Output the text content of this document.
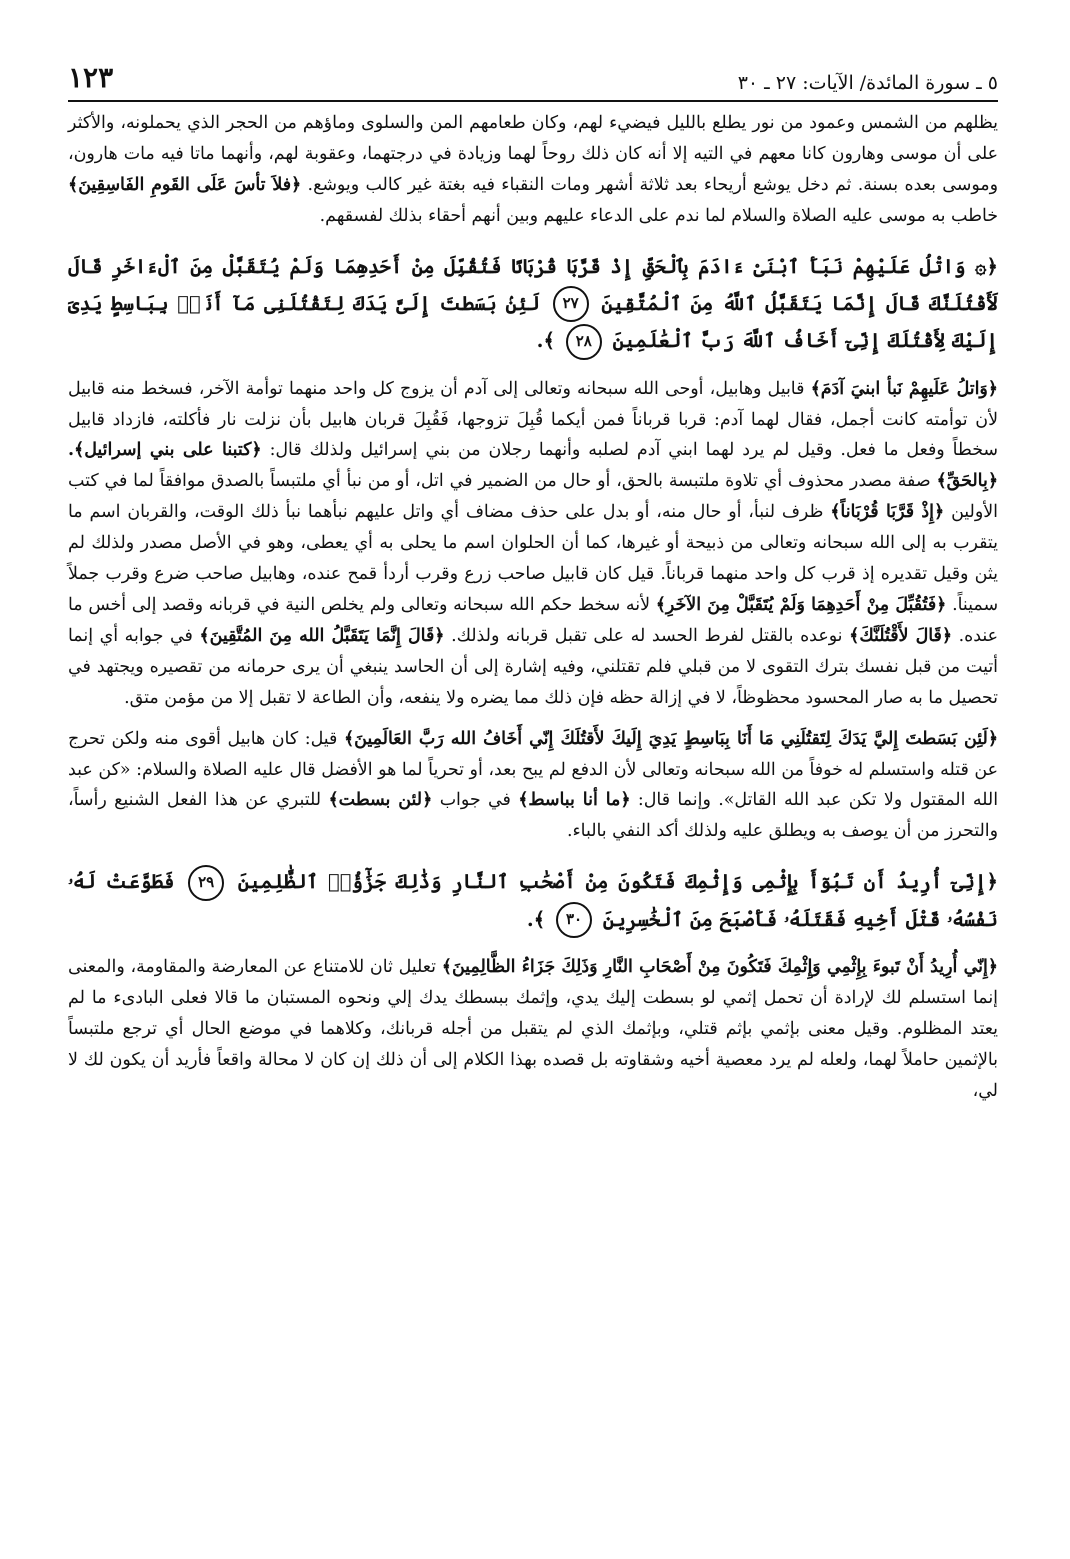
٥ ـ سورة المائدة/ الآيات: ٢٧ ـ ٣٠
١٢٣

يظلهم من الشمس وعمود من نور يطلع بالليل فيضيء لهم، وكان طعامهم المن والسلوى وماؤهم من الحجر الذي يحملونه، والأكثر على أن موسى وهارون كانا معهم في التيه إلا أنه كان ذلك روحاً لهما وزيادة في درجتهما، وعقوبة لهم، وأنهما ماتا فيه مات هارون، وموسى بعده بسنة. ثم دخل يوشع أريحاء بعد ثلاثة أشهر ومات النقباء فيه بغتة غير كالب ويوشع. ﴿فلاَ تأسَ عَلَى القَومِ الفَاسِقِينَ﴾ خاطب به موسى عليه الصلاة والسلام لما ندم على الدعاء عليهم وبين أنهم أحقاء بذلك لفسقهم.

﴿۞ وَاتْلُ عَلَيْهِمْ نَبَأَ ٱبْنَىْ ءَادَمَ بِٱلْحَقِّ إِذْ قَرَّبَا قُرْبَانًا فَتُقُبِّلَ مِنْ أَحَدِهِمَا وَلَمْ يُتَقَبَّلْ مِنَ ٱلْءَاخَرِ قَالَ لَأَقْتُلَنَّكَ قَالَ إِنَّمَا يَتَقَبَّلُ ٱللَّهُ مِنَ ٱلْمُتَّقِينَ ٢٧ لَئِنۢ بَسَطتَ إِلَىَّ يَدَكَ لِتَقْتُلَنِى مَآ أَنَا۠ بِبَاسِطٍ يَدِىَ إِلَيْكَ لِأَقْتُلَكَ إِنِّىٓ أَخَافُ ٱللَّهَ رَبَّ ٱلْعَٰلَمِينَ ٢٨ ﴾.

﴿وَاتلُ عَلَيهِمْ نَبأ ابنيَ آدَمَ﴾ قابيل وهابيل، أوحى الله سبحانه وتعالى إلى آدم أن يزوج كل واحد منهما توأمة الآخر، فسخط منه قابيل لأن توأمته كانت أجمل، فقال لهما آدم: قربا قرباناً فمن أيكما قُبِلَ تزوجها، فَقُبِلَ قربان هابيل بأن نزلت نار فأكلته، فازداد قابيل سخطاً وفعل ما فعل. وقيل لم يرد لهما ابني آدم لصلبه وأنهما رجلان من بني إسرائيل ولذلك قال: ﴿كتبنا على بني إسرائيل﴾. ﴿بِالحَقِّ﴾ صفة مصدر محذوف أي تلاوة ملتبسة بالحق، أو حال من الضمير في اتل، أو من نبأ أي ملتبساً بالصدق موافقاً لما في كتب الأولين ﴿إِذْ قَرَّبَا قُرْبَاناً﴾ ظرف لنبأ، أو حال منه، أو بدل على حذف مضاف أي واتل عليهم نبأهما نبأ ذلك الوقت، والقربان اسم ما يتقرب به إلى الله سبحانه وتعالى من ذبيحة أو غيرها، كما أن الحلوان اسم ما يحلى به أي يعطى، وهو في الأصل مصدر ولذلك لم يثن وقيل تقديره إذ قرب كل واحد منهما قرباناً. قيل كان قابيل صاحب زرع وقرب أردأ قمح عنده، وهابيل صاحب ضرع وقرب جملاً سميناً. ﴿فَتُقُبِّلَ مِنْ أَحَدِهِمَا وَلَمْ يُتَقَبَّلْ مِنَ الآخَرِ﴾ لأنه سخط حكم الله سبحانه وتعالى ولم يخلص النية في قربانه وقصد إلى أخس ما عنده. ﴿قَالَ لأَقْتُلَنَّكَ﴾ نوعده بالقتل لفرط الحسد له على تقبل قربانه ولذلك. ﴿قَالَ إِنَّمَا يَتَقَبَّلُ الله مِنَ المُتَّقِينَ﴾ في جوابه أي إنما أتيت من قبل نفسك بترك التقوى لا من قبلي فلم تقتلني، وفيه إشارة إلى أن الحاسد ينبغي أن يرى حرمانه من تقصيره ويجتهد في تحصيل ما به صار المحسود محظوظاً، لا في إزالة حظه فإن ذلك مما يضره ولا ينفعه، وأن الطاعة لا تقبل إلا من مؤمن متق.

﴿لَئِن بَسَطتَ إِليَّ يَدَكَ لِتَقتُلَنِي مَا أَنَا بِبَاسِطٍ يَدِيَ إِلَيكَ لأَقتُلَكَ إِنّي أَخَافُ الله رَبَّ العَالَمِينَ﴾ قيل: كان هابيل أقوى منه ولكن تحرج عن قتله واستسلم له خوفاً من الله سبحانه وتعالى لأن الدفع لم يبح بعد، أو تحرياً لما هو الأفضل قال عليه الصلاة والسلام: «كن عبد الله المقتول ولا تكن عبد الله القاتل». وإنما قال: ﴿ما أنا بباسط﴾ في جواب ﴿لئن بسطت﴾ للتبري عن هذا الفعل الشنيع رأساً، والتحرز من أن يوصف به ويطلق عليه ولذلك أكد النفي بالباء.

﴿إِنِّىٓ أُرِيدُ أَن تَبُوٓأَ بِإِثْمِى وَإِثْمِكَ فَتَكُونَ مِنْ أَصْحَٰبِ ٱلنَّارِ وَذَٰلِكَ جَزَٰٓؤُا۟ ٱلظَّٰلِمِينَ ٢٩ فَطَوَّعَتْ لَهُۥ نَفْسُهُۥ قَتْلَ أَخِيهِ فَقَتَلَهُۥ فَأَصْبَحَ مِنَ ٱلْخَٰسِرِينَ ٣٠ ﴾.

﴿إِنّي أُرِيدُ أَنْ تَبوءَ بِإِثْمِي وَإِثْمِكَ فَتَكُونَ مِنْ أَصْحَابِ النَّارِ وَذَلِكَ جَزَاءُ الظَّالِمِينَ﴾ تعليل ثان للامتناع عن المعارضة والمقاومة، والمعنى إنما استسلم لك لإرادة أن تحمل إثمي لو بسطت إليك يدي، وإثمك ببسطك يدك إلي ونحوه المستبان ما قالا فعلى البادىء ما لم يعتد المظلوم. وقيل معنى بإثمي بإثم قتلي، وبإثمك الذي لم يتقبل من أجله قربانك، وكلاهما في موضع الحال أي ترجع ملتبساً بالإثمين حاملاً لهما، ولعله لم يرد معصية أخيه وشقاوته بل قصده بهذا الكلام إلى أن ذلك إن كان لا محالة واقعاً فأريد أن يكون لك لا لي،
